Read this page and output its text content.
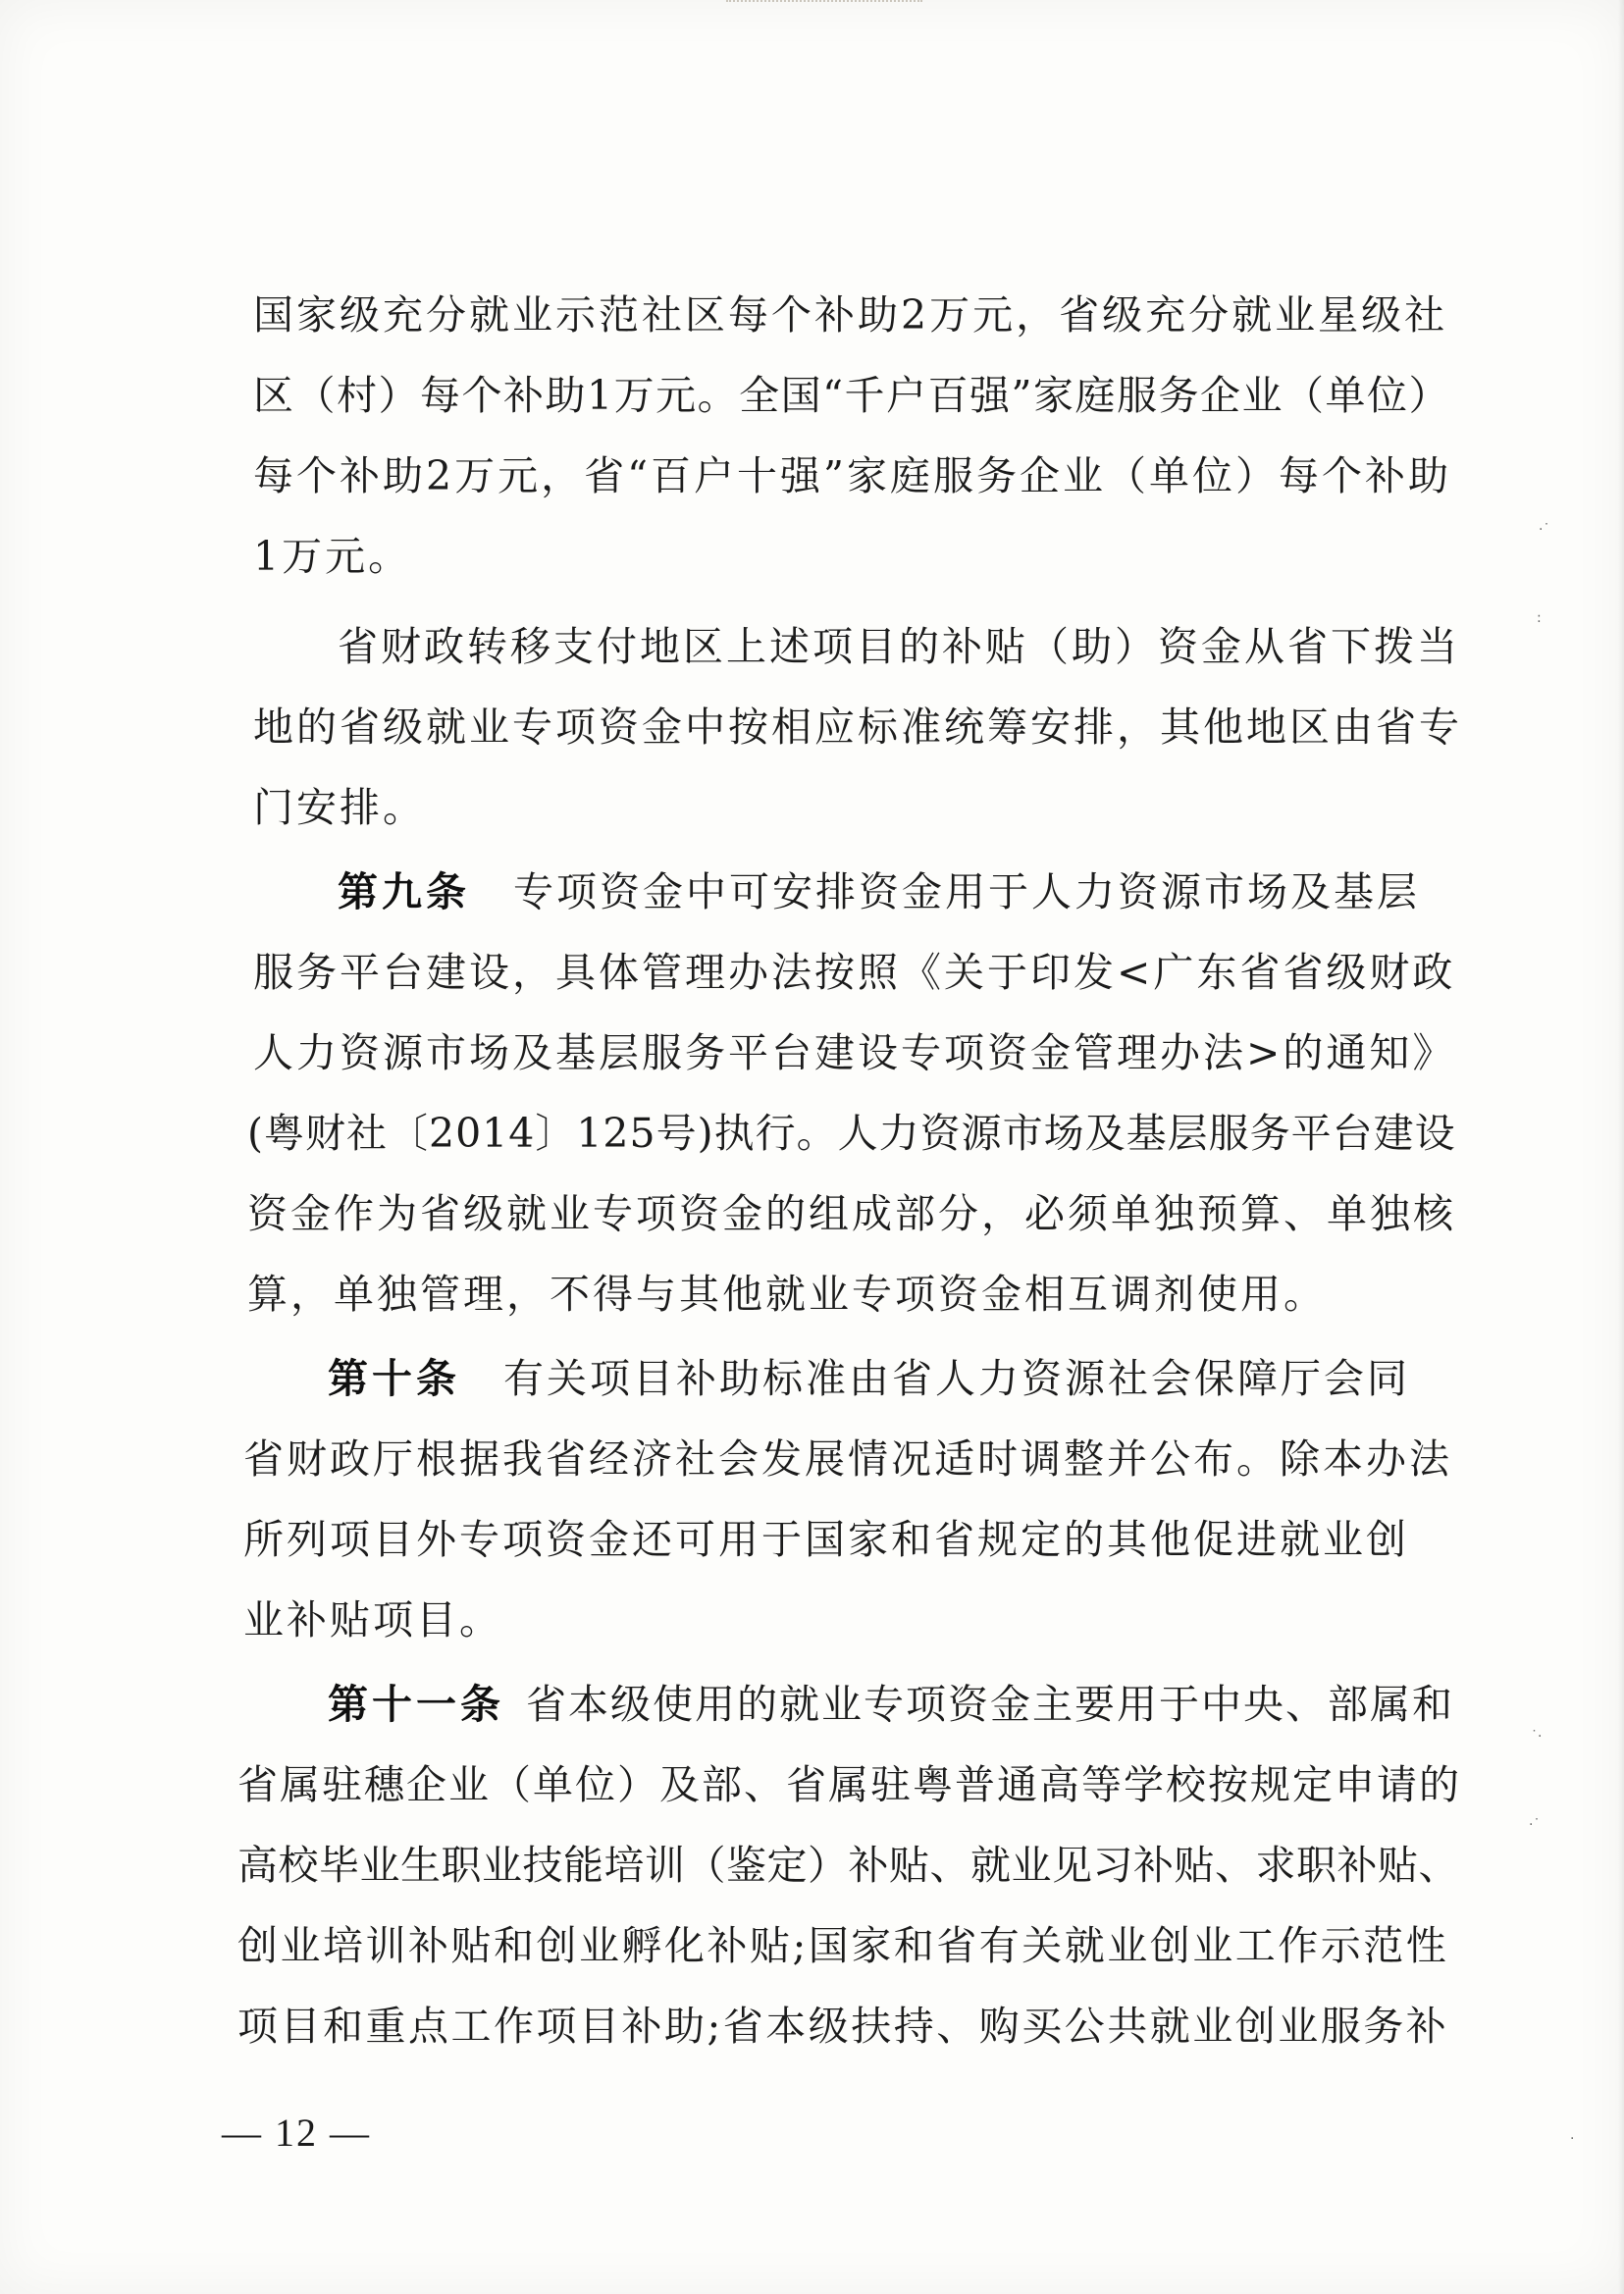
国家级充分就业示范社区每个补助2万元，省级充分就业星级社
区（村）每个补助1万元。全国“千户百强”家庭服务企业（单位）
每个补助2万元，省“百户十强”家庭服务企业（单位）每个补助
1万元。
省财政转移支付地区上述项目的补贴（助）资金从省下拨当
地的省级就业专项资金中按相应标准统筹安排，其他地区由省专
门安排。
第九条 专项资金中可安排资金用于人力资源市场及基层
服务平台建设，具体管理办法按照《关于印发<广东省省级财政
人力资源市场及基层服务平台建设专项资金管理办法>的通知》
(粤财社〔2014〕125号)执行。人力资源市场及基层服务平台建设
资金作为省级就业专项资金的组成部分，必须单独预算、单独核
算，单独管理，不得与其他就业专项资金相互调剂使用。
第十条 有关项目补助标准由省人力资源社会保障厅会同
省财政厅根据我省经济社会发展情况适时调整并公布。除本办法
所列项目外专项资金还可用于国家和省规定的其他促进就业创
业补贴项目。
第十一条 省本级使用的就业专项资金主要用于中央、部属和
省属驻穗企业（单位）及部、省属驻粤普通高等学校按规定申请的
高校毕业生职业技能培训（鉴定）补贴、就业见习补贴、求职补贴、
创业培训补贴和创业孵化补贴;国家和省有关就业创业工作示范性
项目和重点工作项目补助;省本级扶持、购买公共就业创业服务补
— 12 —
·˙
:
˙·
·˙
·
